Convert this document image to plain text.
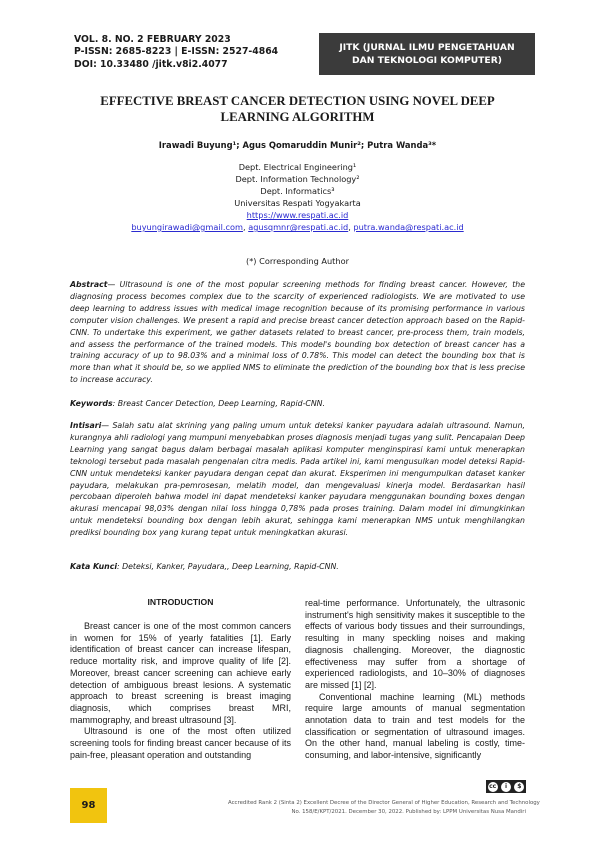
VOL. 8. NO. 2 FEBRUARY 2023
P-ISSN: 2685-8223 | E-ISSN: 2527-4864
DOI: 10.33480 /jitk.v8i2.4077
JITK (JURNAL ILMU PENGETAHUAN
DAN TEKNOLOGI KOMPUTER)
EFFECTIVE BREAST CANCER DETECTION USING NOVEL DEEP
LEARNING ALGORITHM
Irawadi Buyung¹; Agus Qomaruddin Munir²; Putra Wanda³*
Dept. Electrical Engineering¹
Dept. Information Technology²
Dept. Informatics³
Universitas Respati Yogyakarta
https://www.respati.ac.id
buyungirawadi@gmail.com, agusqmnr@respati.ac.id, putra.wanda@respati.ac.id
(*) Corresponding Author
Abstract— Ultrasound is one of the most popular screening methods for finding breast cancer. However, the diagnosing process becomes complex due to the scarcity of experienced radiologists. We are motivated to use deep learning to address issues with medical image recognition because of its promising performance in various computer vision challenges. We present a rapid and precise breast cancer detection approach based on the Rapid-CNN. To undertake this experiment, we gather datasets related to breast cancer, pre-process them, train models, and assess the performance of the trained models. This model's bounding box detection of breast cancer has a training accuracy of up to 98.03% and a minimal loss of 0.78%. This model can detect the bounding box that is more than what it should be, so we applied NMS to eliminate the prediction of the bounding box that is less precise to increase accuracy.
Keywords: Breast Cancer Detection, Deep Learning, Rapid-CNN.
Intisari— Salah satu alat skrining yang paling umum untuk deteksi kanker payudara adalah ultrasound. Namun, kurangnya ahli radiologi yang mumpuni menyebabkan proses diagnosis menjadi tugas yang sulit. Pencapaian Deep Learning yang sangat bagus dalam berbagai masalah aplikasi komputer menginspirasi kami untuk menerapkan teknologi tersebut pada masalah pengenalan citra medis. Pada artikel ini, kami mengusulkan model deteksi Rapid-CNN untuk mendeteksi kanker payudara dengan cepat dan akurat. Eksperimen ini mengumpulkan dataset kanker payudara, melakukan pra-pemrosesan, melatih model, dan mengevaluasi kinerja model. Berdasarkan hasil percobaan diperoleh bahwa model ini dapat mendeteksi kanker payudara menggunakan bounding boxes dengan akurasi mencapai 98,03% dengan nilai loss hingga 0,78% pada proses training. Dalam model ini dimungkinkan untuk mendeteksi bounding box dengan lebih akurat, sehingga kami menerapkan NMS untuk menghilangkan prediksi bounding box yang kurang tepat untuk meningkatkan akurasi.
Kata Kunci: Deteksi, Kanker, Payudara,, Deep Learning, Rapid-CNN.
INTRODUCTION

Breast cancer is one of the most common cancers in women for 15% of yearly fatalities [1]. Early identification of breast cancer can increase lifespan, reduce mortality risk, and improve quality of life [2]. Moreover, breast cancer screening can achieve early detection of ambiguous breast lesions. A systematic approach to breast screening is breast imaging diagnosis, which comprises breast MRI, mammography, and breast ultrasound [3].

Ultrasound is one of the most often utilized screening tools for finding breast cancer because of its pain-free, pleasant operation and outstanding

real-time performance. Unfortunately, the ultrasonic instrument's high sensitivity makes it susceptible to the effects of various body tissues and their surroundings, resulting in many speckling noises and making diagnosis challenging. Moreover, the diagnostic effectiveness may suffer from a shortage of experienced radiologists, and 10–30% of diagnoses are missed [1] [2].

Conventional machine learning (ML) methods require large amounts of manual segmentation annotation data to train and test models for the classification or segmentation of ultrasound images. On the other hand, manual labeling is costly, time-consuming, and labor-intensive, significantly

98
cc	i	$
Accredited Rank 2 (Sinta 2) Excellent Decree of the Director General of Higher Education, Research and Technology
No. 158/E/KPT/2021. December 30, 2022. Published by: LPPM Universitas Nusa Mandiri
